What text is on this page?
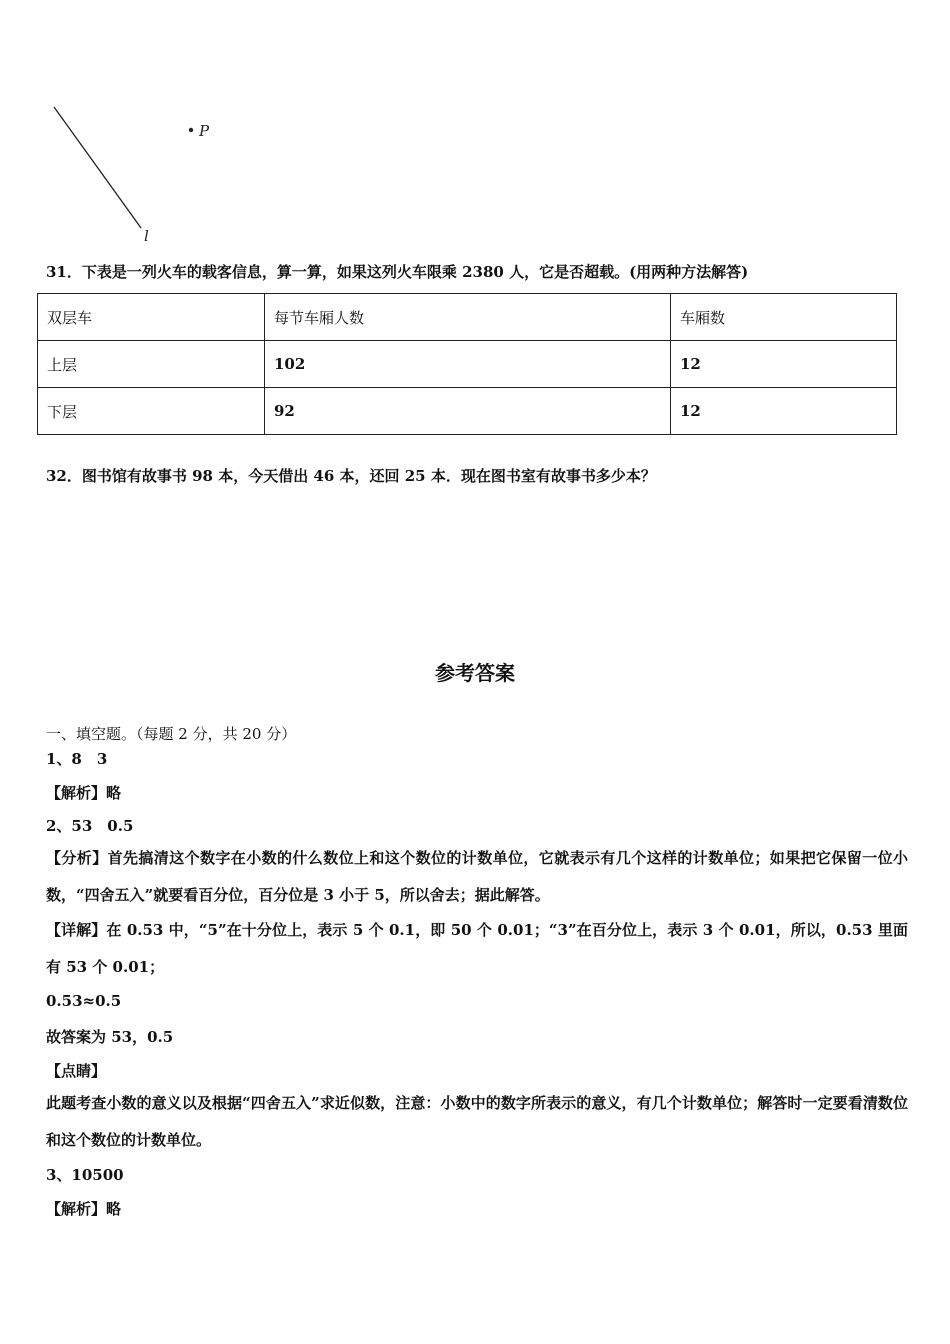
P
l
31．下表是一列火车的载客信息，算一算，如果这列火车限乘 2380 人，它是否超载。(用两种方法解答)
双层车	每节车厢人数	车厢数
上层	102	12
下层	92	12
32．图书馆有故事书 98 本，今天借出 46 本，还回 25 本．现在图书室有故事书多少本？
参考答案
一、填空题。（每题 2 分，共 20 分）
1、8　3
【解析】略
2、53　0.5
【分析】首先搞清这个数字在小数的什么数位上和这个数位的计数单位，它就表示有几个这样的计数单位；如果把它保留一位小数，“四舍五入”就要看百分位，百分位是 3 小于 5，所以舍去；据此解答。
【详解】在 0.53 中，“5”在十分位上，表示 5 个 0.1，即 50 个 0.01；“3”在百分位上，表示 3 个 0.01，所以，0.53 里面有 53 个 0.01；
0.53≈0.5
故答案为 53，0.5
【点睛】
此题考查小数的意义以及根据“四舍五入”求近似数，注意：小数中的数字所表示的意义，有几个计数单位；解答时一定要看清数位和这个数位的计数单位。
3、10500
【解析】略
